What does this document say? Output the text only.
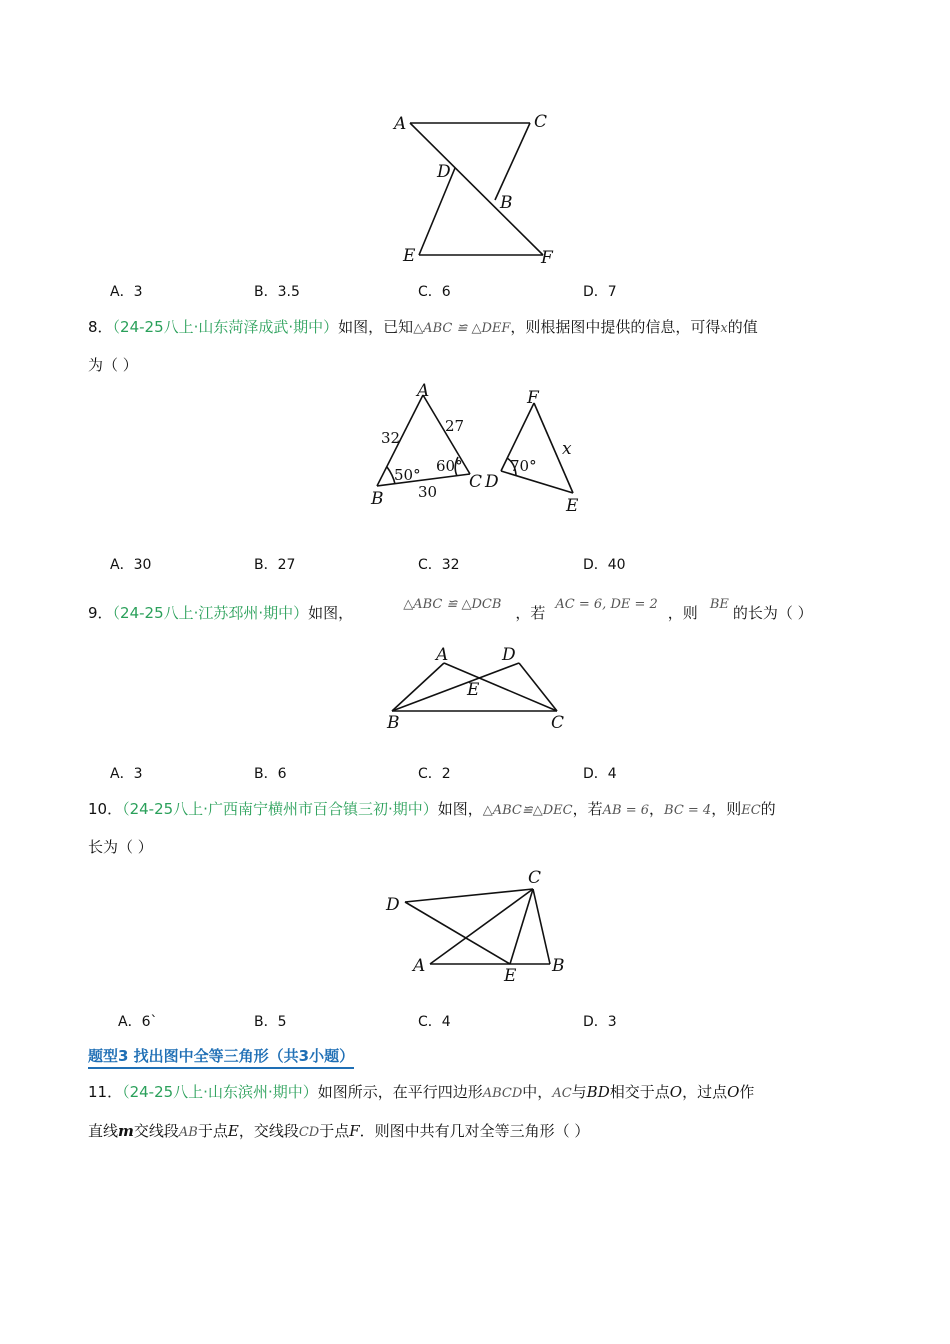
A	C
D
B
E	F
A．3	B．3.5	C．6	D．7
8．（24-25八上·山东菏泽成武·期中）如图，已知△ABC ≌ △DEF，则根据图中提供的信息，可得x的值
为（ ）
A
B
C
32
27
30
50° 60°
F
D
E
70°
x
A．30	B．27	C．32	D．40
9．（24-25八上·江苏邳州·期中）如图，	△ABC ≌ △DCB ，若 AC = 6, DE = 2 ，则 BE 的长为（ ）
A	D
E
B	C
A．3	B．6	C．2	D．4
10．（24-25八上·广西南宁横州市百合镇三初·期中）如图，△ABC≌△DEC，若AB = 6，BC = 4，则EC的
长为（ ）
C
D
A	E B
A．6`	B．5	C．4	D．3
题型3 找出图中全等三角形（共3小题）
11．（24-25八上·山东滨州·期中）如图所示，在平行四边形ABCD中，AC与BD相交于点O，过点O作
直线m交线段AB于点E，交线段CD于点F．则图中共有几对全等三角形（ ）
